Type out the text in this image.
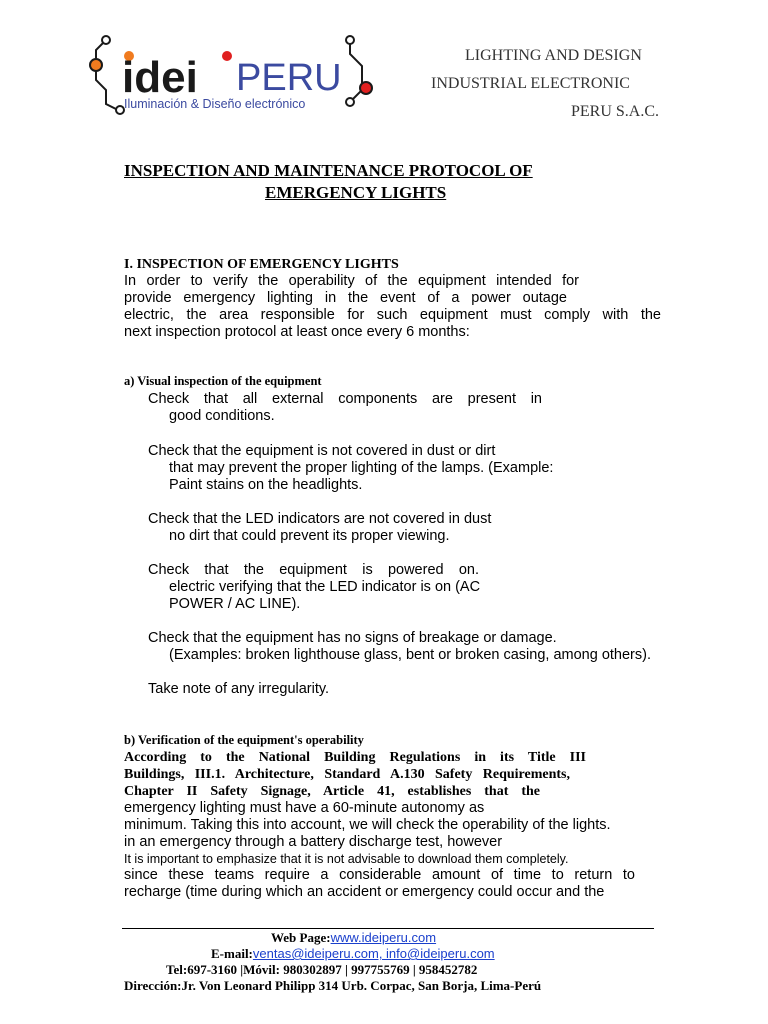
idei PERU
Iluminación & Diseño electrónico
LIGHTING AND DESIGN
INDUSTRIAL ELECTRONIC
PERU S.A.C.
INSPECTION AND MAINTENANCE PROTOCOL OF
EMERGENCY LIGHTS
I. INSPECTION OF EMERGENCY LIGHTS
In order to verify the operability of the equipment intended for
provide emergency lighting in the event of a power outage
electric, the area responsible for such equipment must comply with the
next inspection protocol at least once every 6 months:
a) Visual inspection of the equipment
Check that all external components are present in
good conditions.
Check that the equipment is not covered in dust or dirt
that may prevent the proper lighting of the lamps. (Example:
Paint stains on the headlights.
Check that the LED indicators are not covered in dust
no dirt that could prevent its proper viewing.
Check that the equipment is powered on.
electric verifying that the LED indicator is on (AC
POWER / AC LINE).
Check that the equipment has no signs of breakage or damage.
(Examples: broken lighthouse glass, bent or broken casing, among others).
Take note of any irregularity.
b) Verification of the equipment's operability
According to the National Building Regulations in its Title III
Buildings, III.1. Architecture, Standard A.130 Safety Requirements,
Chapter II Safety Signage, Article 41, establishes that the
emergency lighting must have a 60-minute autonomy as
minimum. Taking this into account, we will check the operability of the lights.
in an emergency through a battery discharge test, however
It is important to emphasize that it is not advisable to download them completely.
since these teams require a considerable amount of time to return to
recharge (time during which an accident or emergency could occur and the
Web Page:www.ideiperu.com
E-mail:ventas@ideiperu.com, info@ideiperu.com
Tel:697-3160 |Móvil: 980302897 | 997755769 | 958452782
Dirección:Jr. Von Leonard Philipp 314 Urb. Corpac, San Borja, Lima-Perú
